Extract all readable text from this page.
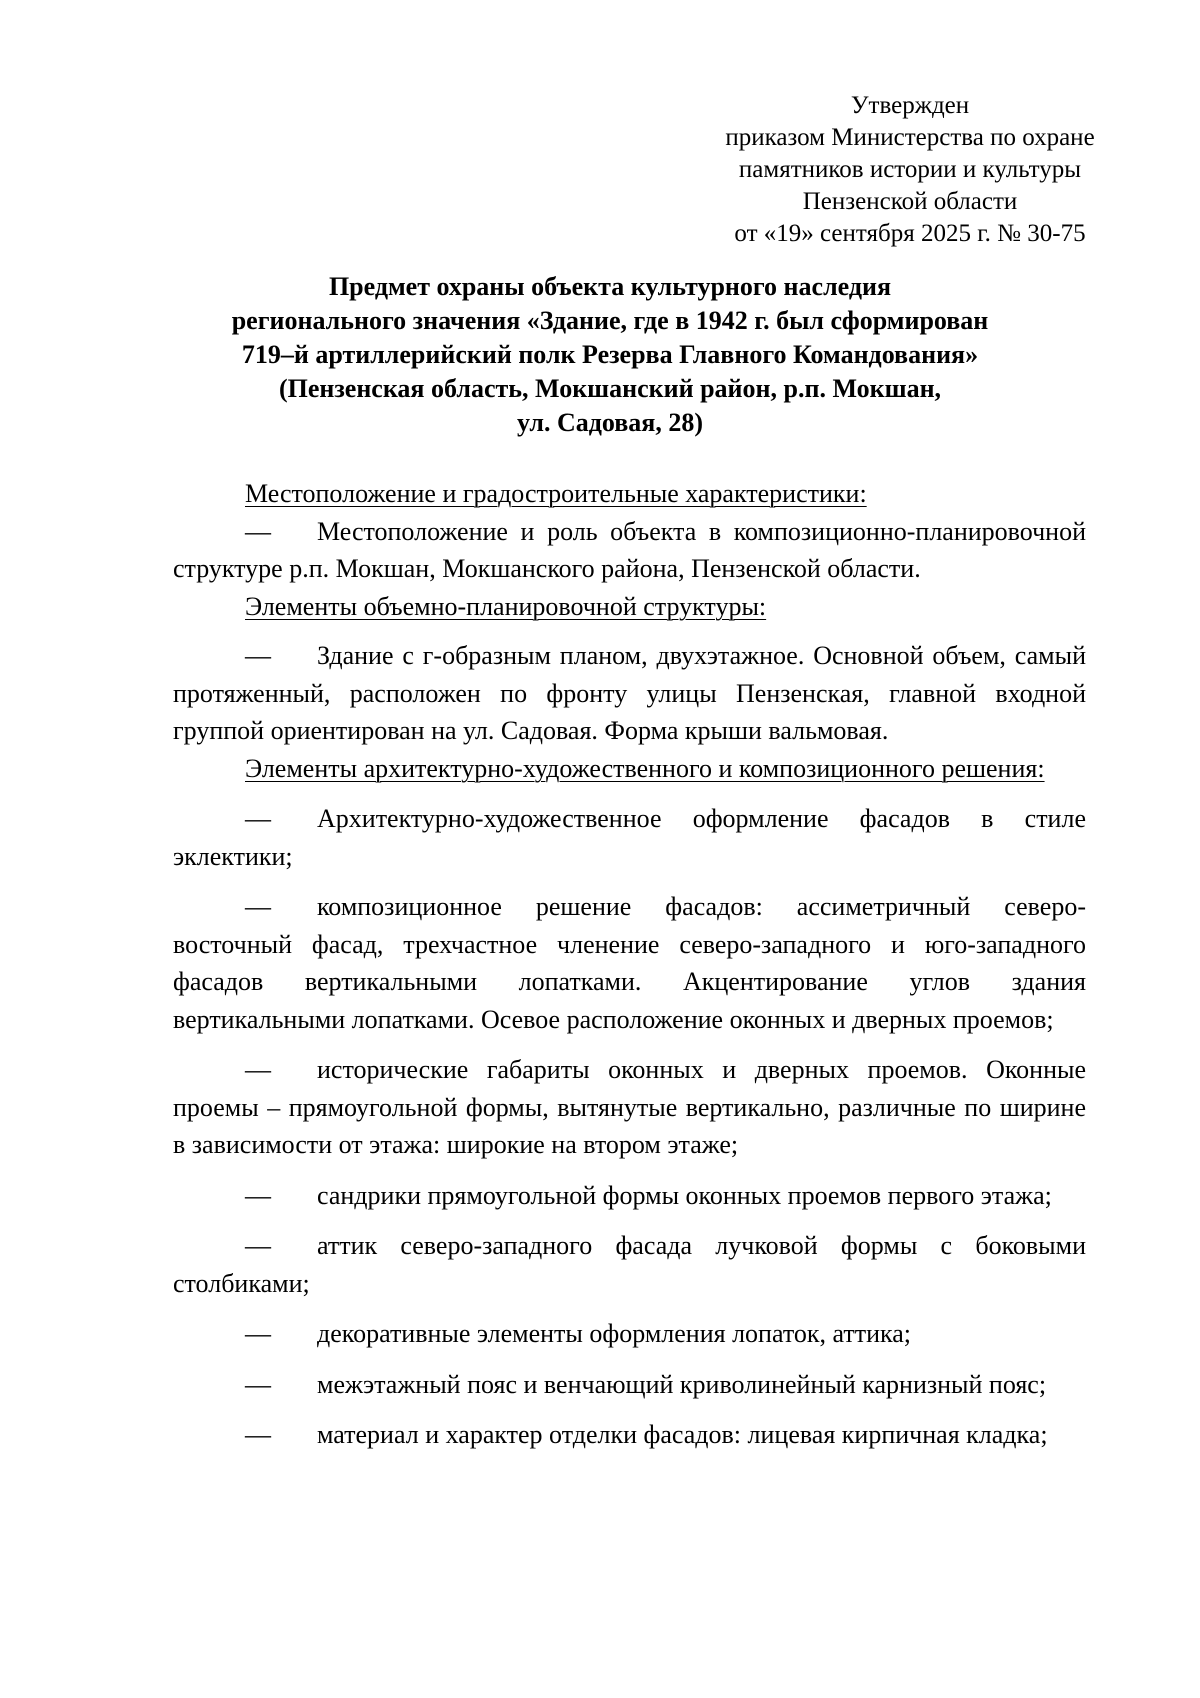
Утвержден
приказом Министерства по охране
памятников истории и культуры
Пензенской области
от «19» сентября 2025 г. № 30-75
Предмет охраны объекта культурного наследия
регионального значения «Здание, где в 1942 г. был сформирован
719–й артиллерийский полк Резерва Главного Командования»
(Пензенская область, Мокшанский район, р.п. Мокшан,
ул. Садовая, 28)

Местоположение и градостроительные характеристики:

— Местоположение и роль объекта в композиционно-планировочной структуре р.п. Мокшан, Мокшанского района, Пензенской области.

Элементы объемно-планировочной структуры:

— Здание с г-образным планом, двухэтажное. Основной объем, самый протяженный, расположен по фронту улицы Пензенская, главной входной группой ориентирован на ул. Садовая. Форма крыши вальмовая.

Элементы архитектурно-художественного и композиционного решения:

— Архитектурно-художественное оформление фасадов в стиле эклектики;

— композиционное решение фасадов: ассиметричный северо-восточный фасад, трехчастное членение северо-западного и юго-западного фасадов вертикальными лопатками. Акцентирование углов здания вертикальными лопатками. Осевое расположение оконных и дверных проемов;

— исторические габариты оконных и дверных проемов. Оконные проемы – прямоугольной формы, вытянутые вертикально, различные по ширине в зависимости от этажа: широкие на втором этаже;

— сандрики прямоугольной формы оконных проемов первого этажа;

— аттик северо-западного фасада лучковой формы с боковыми столбиками;

— декоративные элементы оформления лопаток, аттика;

— межэтажный пояс и венчающий криволинейный карнизный пояс;

— материал и характер отделки фасадов: лицевая кирпичная кладка;
